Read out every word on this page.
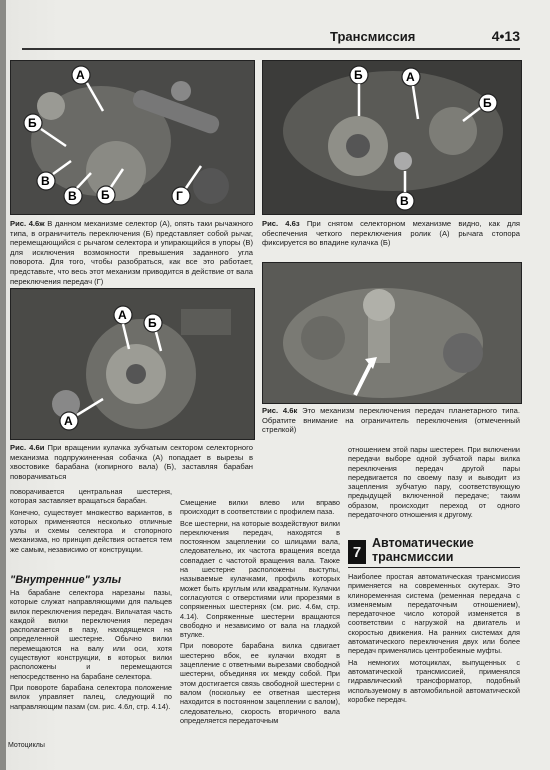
Трансмиссия	4•13
А
Б
В
В Б	Г
Рис. 4.6ж В данном механизме селектор (А), опять таки рычажного типа, в ограничитель переключения (Б) представляет собой рычаг, перемещающийся с рычагом селектора и упирающийся в упоры (В) для исключения возможности превышения заданного угла поворота. Для того, чтобы разобраться, как все это работает, представьте, что весь этот механизм приводится в действие от вала переключения передач (Г)
Б	А
Б
В
Рис. 4.6з При снятом селекторном механизме видно, как для обеспечения четкого переключения ролик (А) рычага стопора фиксируется во впадине кулачка (Б)
А
Б
А
Рис. 4.6и При вращении кулачка зубчатым сектором селекторного механизма подпружиненная собачка (А) попадает в вырезы в хвостовике барабана (копирного вала) (Б), заставляя барабан поворачиваться
Рис. 4.6к Это механизм переключения передач планетарного типа. Обратите внимание на ограничитель переключения (отмеченный стрелкой)

поворачивается центральная шестерня, которая заставляет вращаться барабан.

Конечно, существует множество вариантов, в которых применяются несколько отличные узлы и схемы селектора и стопорного механизма, но принцип действия остается тем же самым, независимо от конструкции.

"Внутренние" узлы

На барабане селектора нарезаны пазы, которые служат направляющими для пальцев вилок переключения передач. Вильчатая часть каждой вилки переключения передач располагается в пазу, находящемся на определенной шестерне. Обычно вилки перемещаются на валу или оси, хотя существуют конструкции, в которых вилки расположены и перемещаются непосредственно на барабане селектора.

При повороте барабана селектора положение вилок управляет палец, следующий по направляющим пазам (см. рис. 4.6л, стр. 4.14).

Смещение вилки влево или вправо происходит в соответствии с профилем паза.

Все шестерни, на которые воздействуют вилки переключения передач, находятся в постоянном зацеплении со шлицами вала, следовательно, их частота вращения всегда совпадает с частотой вращения вала. Также на шестерне расположены выступы, называемые кулачками, профиль которых может быть круглым или квадратным. Кулачки согласуются с отверстиями или прорезями в сопряженных шестернях (см. рис. 4.6м, стр. 4.14). Сопряженные шестерни вращаются свободно и независимо от вала на гладкой втулке.

При повороте барабана вилка сдвигает шестерню вбок, ее кулачки входят в зацепление с ответными вырезами свободной шестерни, объединяя их между собой. При этом достигается связь свободной шестерни с валом (поскольку ее ответная шестерня находится в постоянном зацеплении с валом), следовательно, скорость вторичного вала определяется передаточным

отношением этой пары шестерен. При включении передачи выборе одной зубчатой пары вилка переключения передач другой пары передвигается по своему пазу и выводит из зацепления зубчатую пару, соответствующую предыдущей включенной передаче; таким образом, происходит переход от одного передаточного отношения к другому.

7
Автоматические трансмиссии

Наиболее простая автоматическая трансмиссия применяется на современных скутерах. Это клиноременная система (ременная передача с изменяемым передаточным отношением), передаточное число которой изменяется в соответствии с нагрузкой на двигатель и скоростью движения. На ранних системах для автоматического переключения двух или более передач применялись центробежные муфты.

На немногих мотоциклах, выпущенных с автоматической трансмиссией, применялся гидравлический трансформатор, подобный используемому в автомобильной автоматической коробке передач.

Мотоциклы
